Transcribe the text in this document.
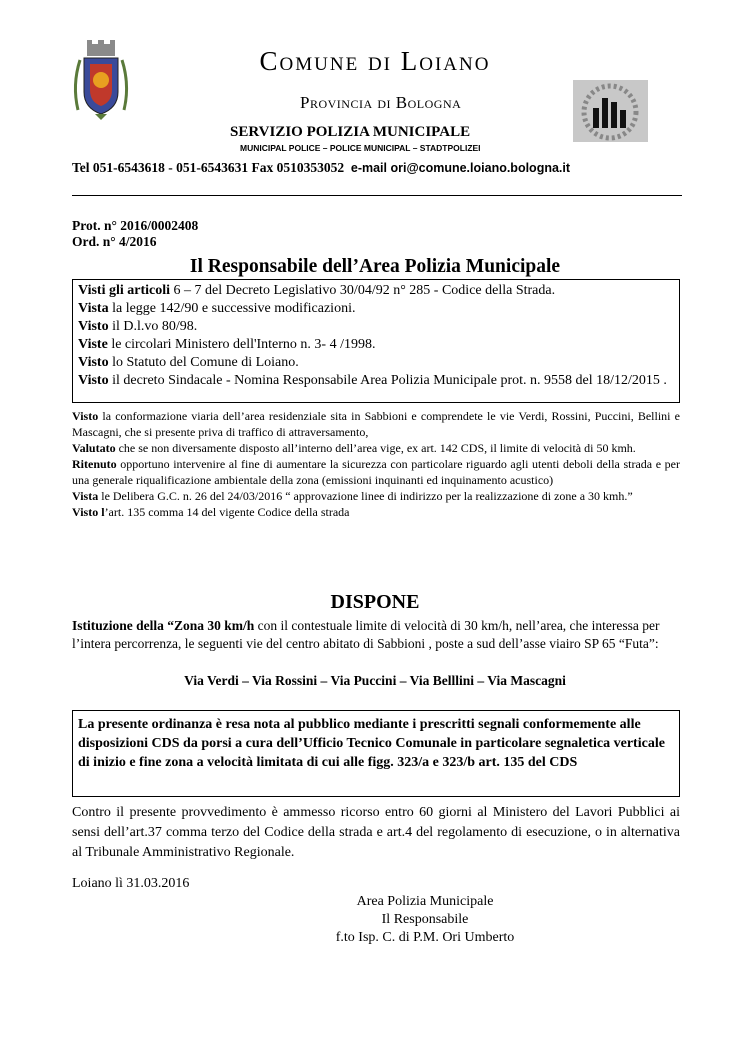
Comune di Loiano
Provincia di Bologna
SERVIZIO POLIZIA MUNICIPALE
MUNICIPAL POLICE – POLICE MUNICIPAL – STADTPOLIZEI
Tel 051-6543618 - 051-6543631 Fax 0510353052 e-mail ori@comune.loiano.bologna.it
Prot. n° 2016/0002408
Ord. n° 4/2016
Il Responsabile dell’Area Polizia Municipale

Visti gli articoli 6 – 7 del Decreto Legislativo 30/04/92 n° 285 - Codice della Strada.

Vista la legge 142/90 e successive modificazioni.

Visto il D.l.vo 80/98.

Viste le circolari Ministero dell'Interno n. 3- 4 /1998.

Visto lo Statuto del Comune di Loiano.

Visto il decreto Sindacale - Nomina Responsabile Area Polizia Municipale prot. n. 9558 del 18/12/2015 .

Visto la conformazione viaria dell’area residenziale sita in Sabbioni e comprendete le vie Verdi, Rossini, Puccini, Bellini e Mascagni, che si presente priva di traffico di attraversamento,

Valutato che se non diversamente disposto all’interno dell’area vige, ex art. 142 CDS, il limite di velocità di 50 kmh.

Ritenuto opportuno intervenire al fine di aumentare la sicurezza con particolare riguardo agli utenti deboli della strada e per una generale riqualificazione ambientale della zona (emissioni inquinanti ed inquinamento acustico)

Vista le Delibera G.C. n. 26 del 24/03/2016 “ approvazione linee di indirizzo per la realizzazione di zone a 30 kmh.”

Visto l’art. 135 comma 14 del vigente Codice della strada

DISPONE
Istituzione della “Zona 30 km/h con il contestuale limite di velocità di 30 km/h, nell’area, che interessa per l’intera percorrenza, le seguenti vie del centro abitato di Sabbioni , poste a sud dell’asse viairo SP 65 “Futa”:
Via Verdi – Via Rossini – Via Puccini – Via Belllini – Via Mascagni
La presente ordinanza è resa nota al pubblico mediante i prescritti segnali conformemente alle disposizioni CDS da porsi a cura dell’Ufficio Tecnico Comunale in particolare segnaletica verticale di inizio e fine zona a velocità limitata di cui alle figg. 323/a e 323/b art. 135 del CDS
Contro il presente provvedimento è ammesso ricorso entro 60 giorni al Ministero del Lavori Pubblici ai sensi dell’art.37 comma terzo del Codice della strada e art.4 del regolamento di esecuzione, o in alternativa al Tribunale Amministrativo Regionale.
Loiano lì 31.03.2016
Area Polizia Municipale
Il Responsabile
f.to Isp. C. di P.M. Ori Umberto
